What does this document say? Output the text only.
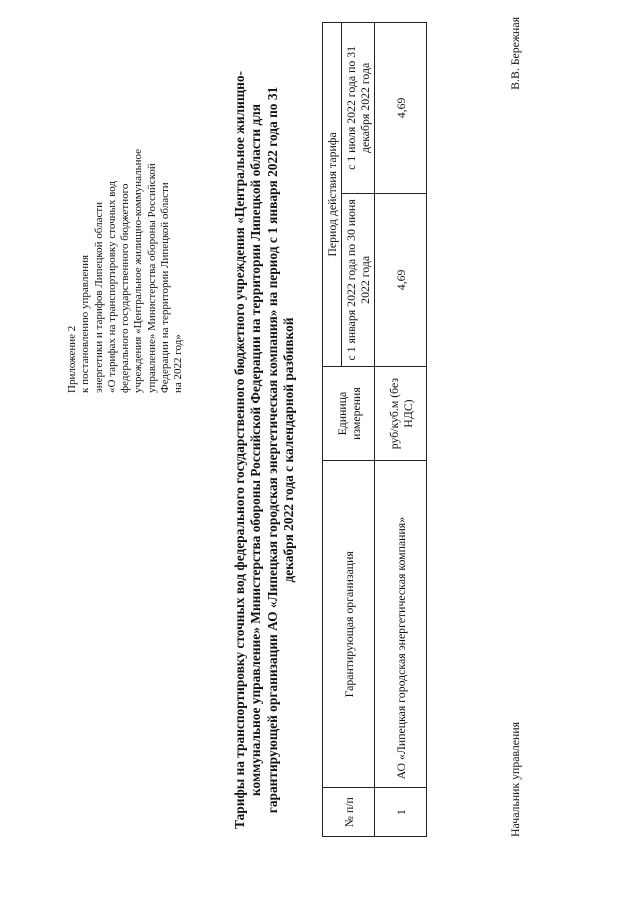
Приложение 2 к постановлению управления энергетики и тарифов Липецкой области «О тарифах на транспортировку сточных вод федерального государственного бюджетного учреждения «Центральное жилищно-коммунальное управление» Министерства обороны Российской Федерации на территории Липецкой области на 2022 год»	Тарифы на транспортировку сточных вод федерального государственного бюджетного учреждения «Центральное жилищно-коммунальное управление» Министерства обороны Российской Федерации на территории Липецкой области для гарантирующей организации АО «Липецкая городская энергетическая компания» на период с 1 января 2022 года по 31 декабря 2022 года с календарной разбивкой
№ п/п	Гарантирующая организация	Единица измерения	Период действия тарифа	
			с 1 января 2022 года по 30 июня 2022 года	с 1 июля 2022 года по 31 декабря 2022 года
1	АО «Липецкая городская энергетическая компания»	руб/куб.м (без НДС)	4,69	4,69
Начальник управления
В.В. Бережная
